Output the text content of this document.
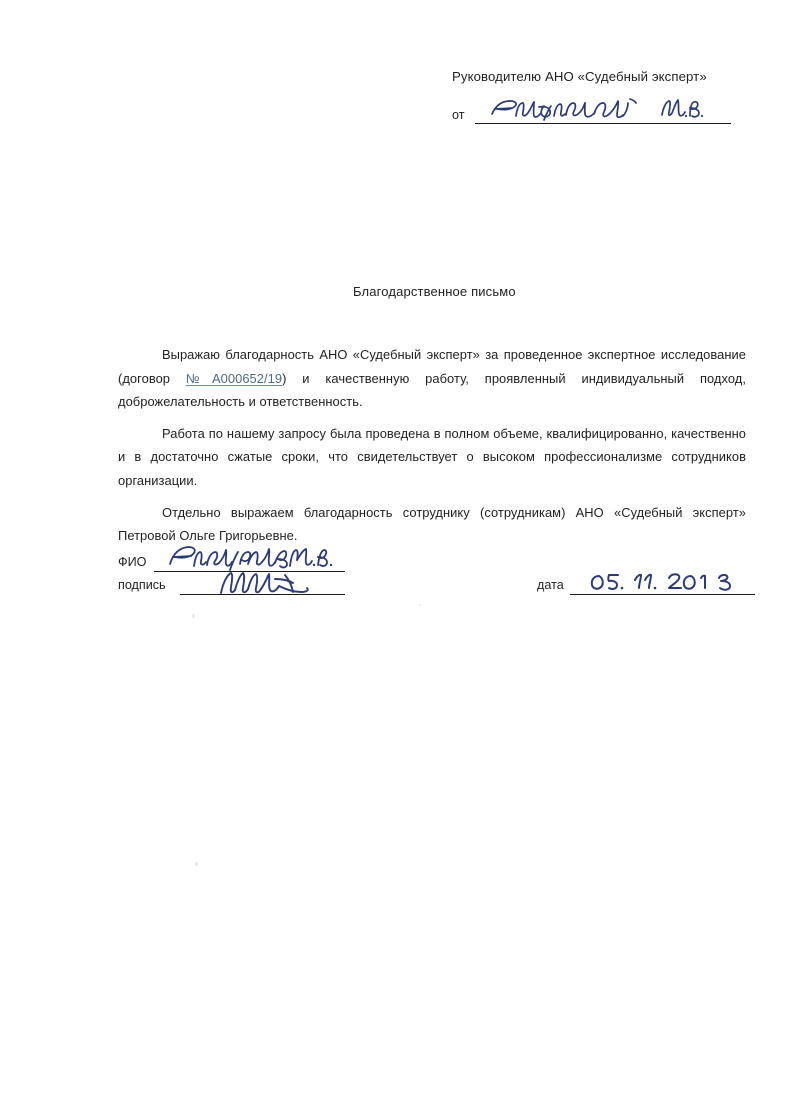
Руководителю АНО «Судебный эксперт»
от
Благодарственное письмо

Выражаю благодарность АНО «Судебный эксперт» за проведенное экспертное исследование (договор №А000652/19) и качественную работу, проявленный индивидуальный подход, доброжелательность и ответственность.

Работа по нашему запросу была проведена в полном объеме, квалифицированно, качественно и в достаточно сжатые сроки, что свидетельствует о высоком профессионализме сотрудников организации.

Отдельно выражаем благодарность сотруднику (сотрудникам) АНО «Судебный эксперт» Петровой Ольге Григорьевне.

ФИО
подпись	дата
